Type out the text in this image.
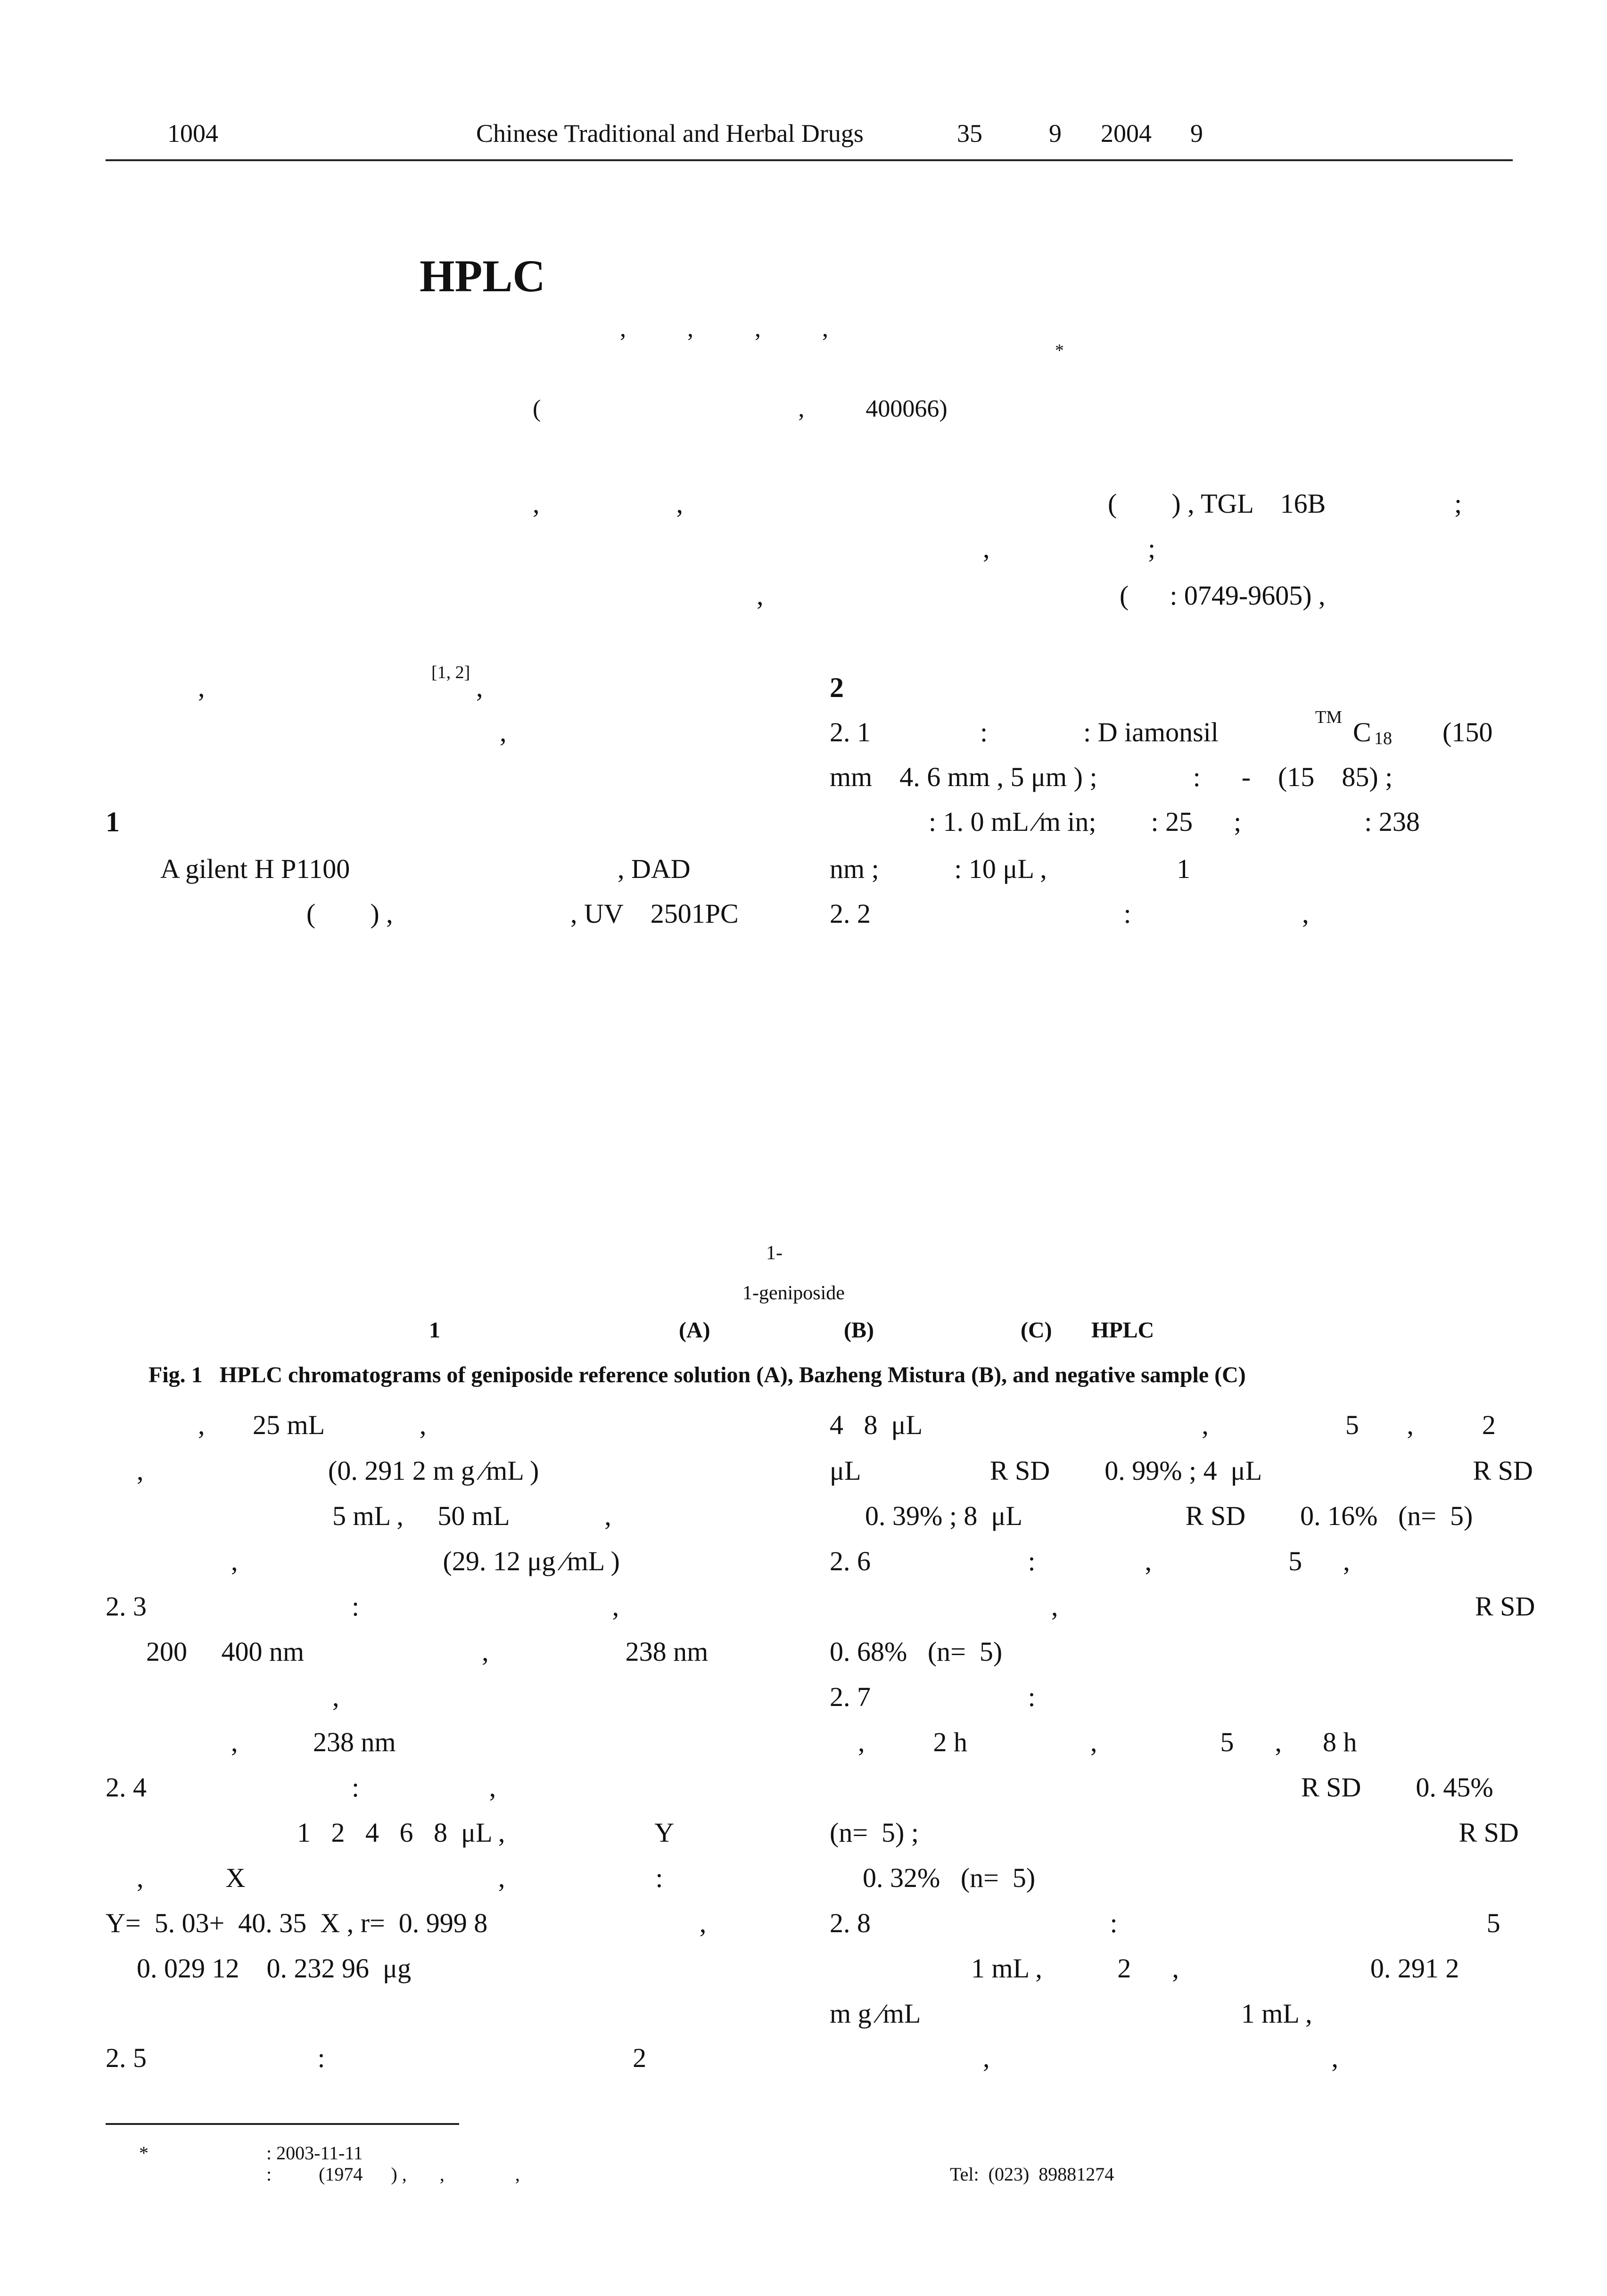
1004	Chinese Traditional and Herbal Drugs	35	9 2004 9
HPLC
*
,          ,          ,          ,
(                                          ,          400066)
,                    ,	(        ) , TGL    16B	;
,	;
,	(      : 0749-9605) ,
,	[1, 2] ,
,
1
A gilent H P1100	, DAD
(        ) ,	, UV    2501PC
2
2. 1                :              : D iamonsil	TM C 18 (150
mm    4. 6 mm , 5 μm ) ;              :      -    (15    85) ;
: 1. 0 mL ⁄m in;        : 25      ;                  : 238
nm ;           : 10 μL ,                   1
2. 2                                     :                         ,
1-
1-geniposide
1	(A)	(B)	(C) HPLC
Fig. 1   HPLC chromatograms of geniposide reference solution (A), Bazheng Mistura (B), and negative sample (C)
,       25 mL              ,
,                           (0. 291 2 m g ⁄mL )
5 mL ,     50 mL              ,
,                              (29. 12 μg ⁄mL )
2. 3                              :                                     ,
200     400 nm                          ,                    238 nm
,
,           238 nm
2. 4                              :                   ,
1   2   4   6   8  μL ,                      Y
,            X                                     ,                      :
Y=  5. 03+  40. 35  X , r=  0. 999 8                               ,
0. 029 12    0. 232 96  μg
2. 5                         :                                             2
4   8  μL                                         ,                    5       ,          2
μL                   R SD        0. 99% ; 4  μL                               R SD
0. 39% ; 8  μL                        R SD        0. 16%   (n=  5)
2. 6                       :                ,                    5      ,
,                                                             R SD
0. 68%   (n=  5)
2. 7                       :
,          2 h                  ,                  5      ,      8 h
R SD        0. 45%
(n=  5) ;                                                                               R SD
0. 32%   (n=  5)
2. 8                                   :                                                      5
1 mL ,           2      ,                            0. 291 2
m g ⁄mL                                               1 mL ,
,                                                  ,
*	: 2003-11-11
:          (1974      ) ,       ,               ,	Tel:  (023)  89881274
